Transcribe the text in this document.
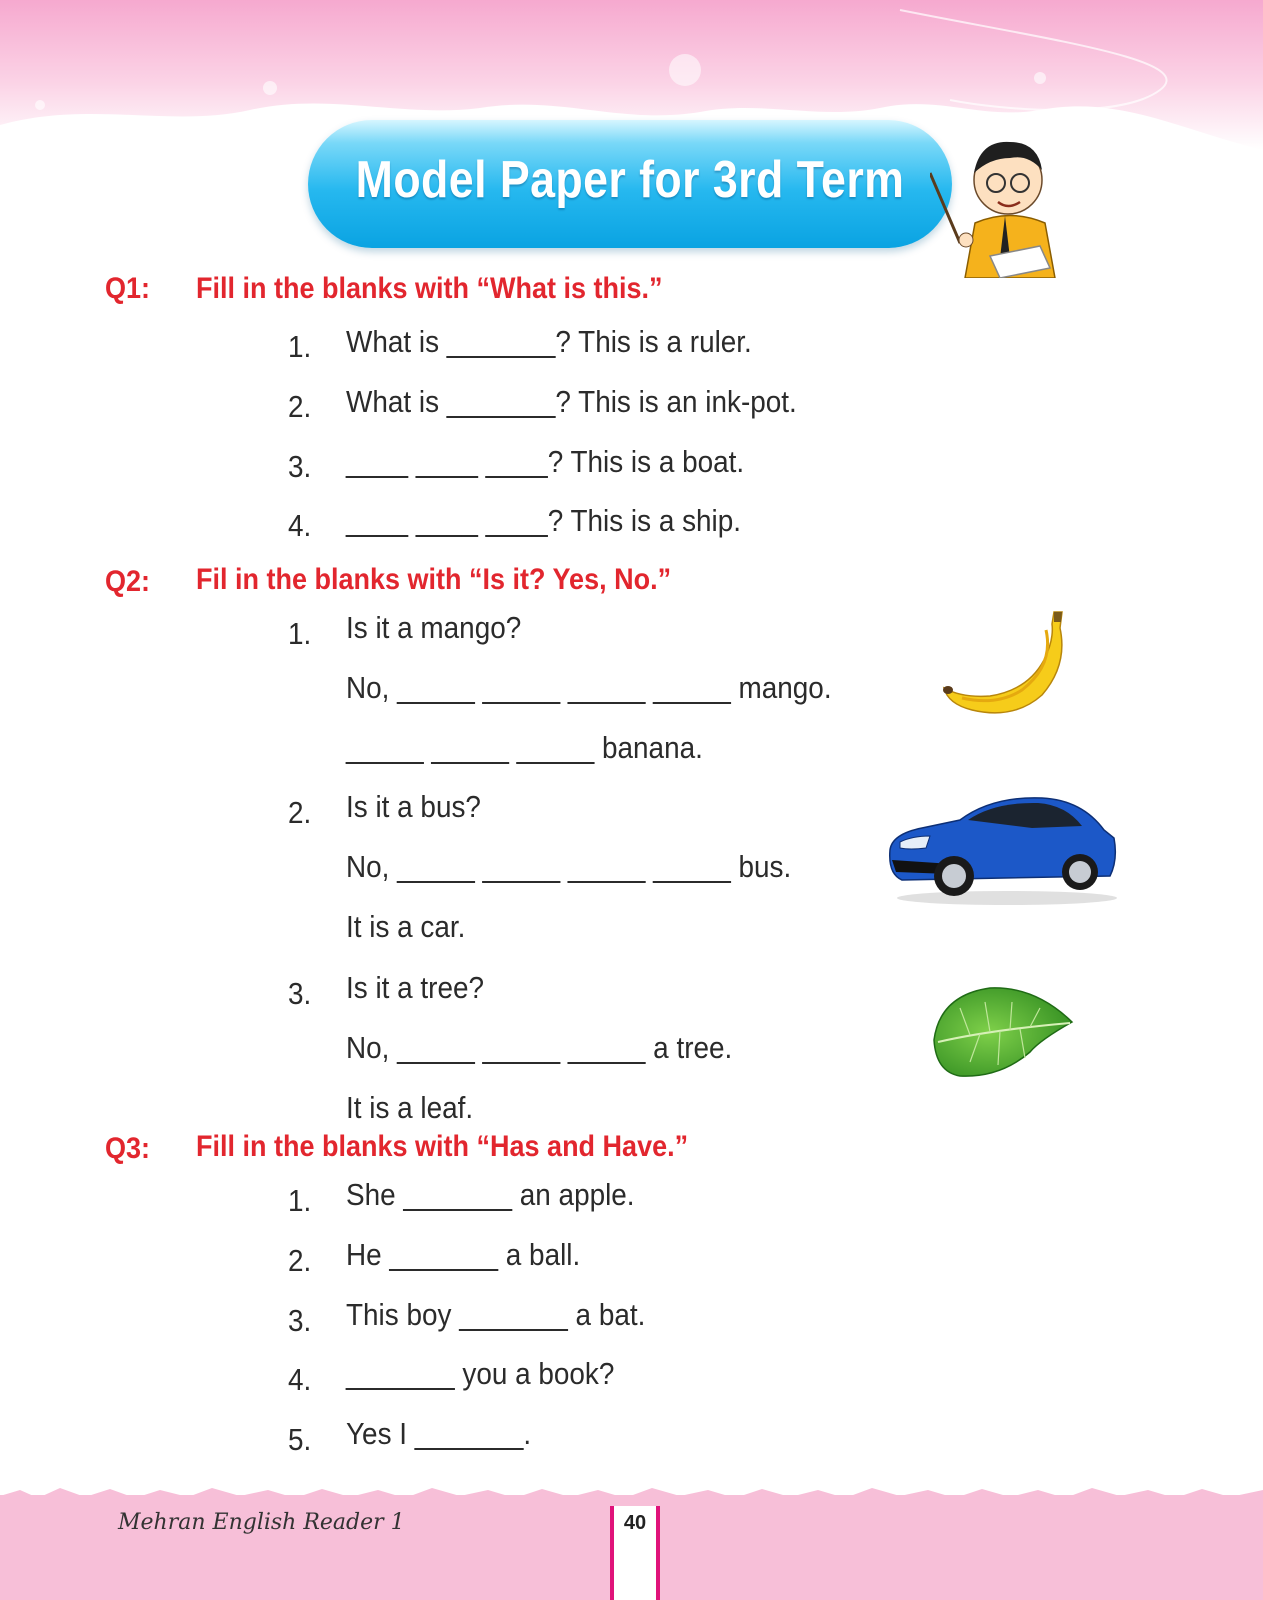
Model Paper for 3rd Term
Q1: Fill in the blanks with “What is this.”
1. What is _______? This is a ruler.
2. What is _______? This is an ink-pot.
3. ____ ____ ____? This is a boat.
4. ____ ____ ____? This is a ship.
Q2: Fil in the blanks with “Is it? Yes, No.”
1. Is it a mango?
No, _____ _____ _____ _____ mango.
_____ _____ _____ banana.
2. Is it a bus?
No, _____ _____ _____ _____ bus.
It is a car.
3. Is it a tree?
No, _____ _____ _____ a tree.
It is a leaf.
Q3: Fill in the blanks with “Has and Have.”
1. She _______ an apple.
2. He _______ a ball.
3. This boy _______ a bat.
4. _______ you a book?
5. Yes I _______.
Mehran English Reader 1	40
